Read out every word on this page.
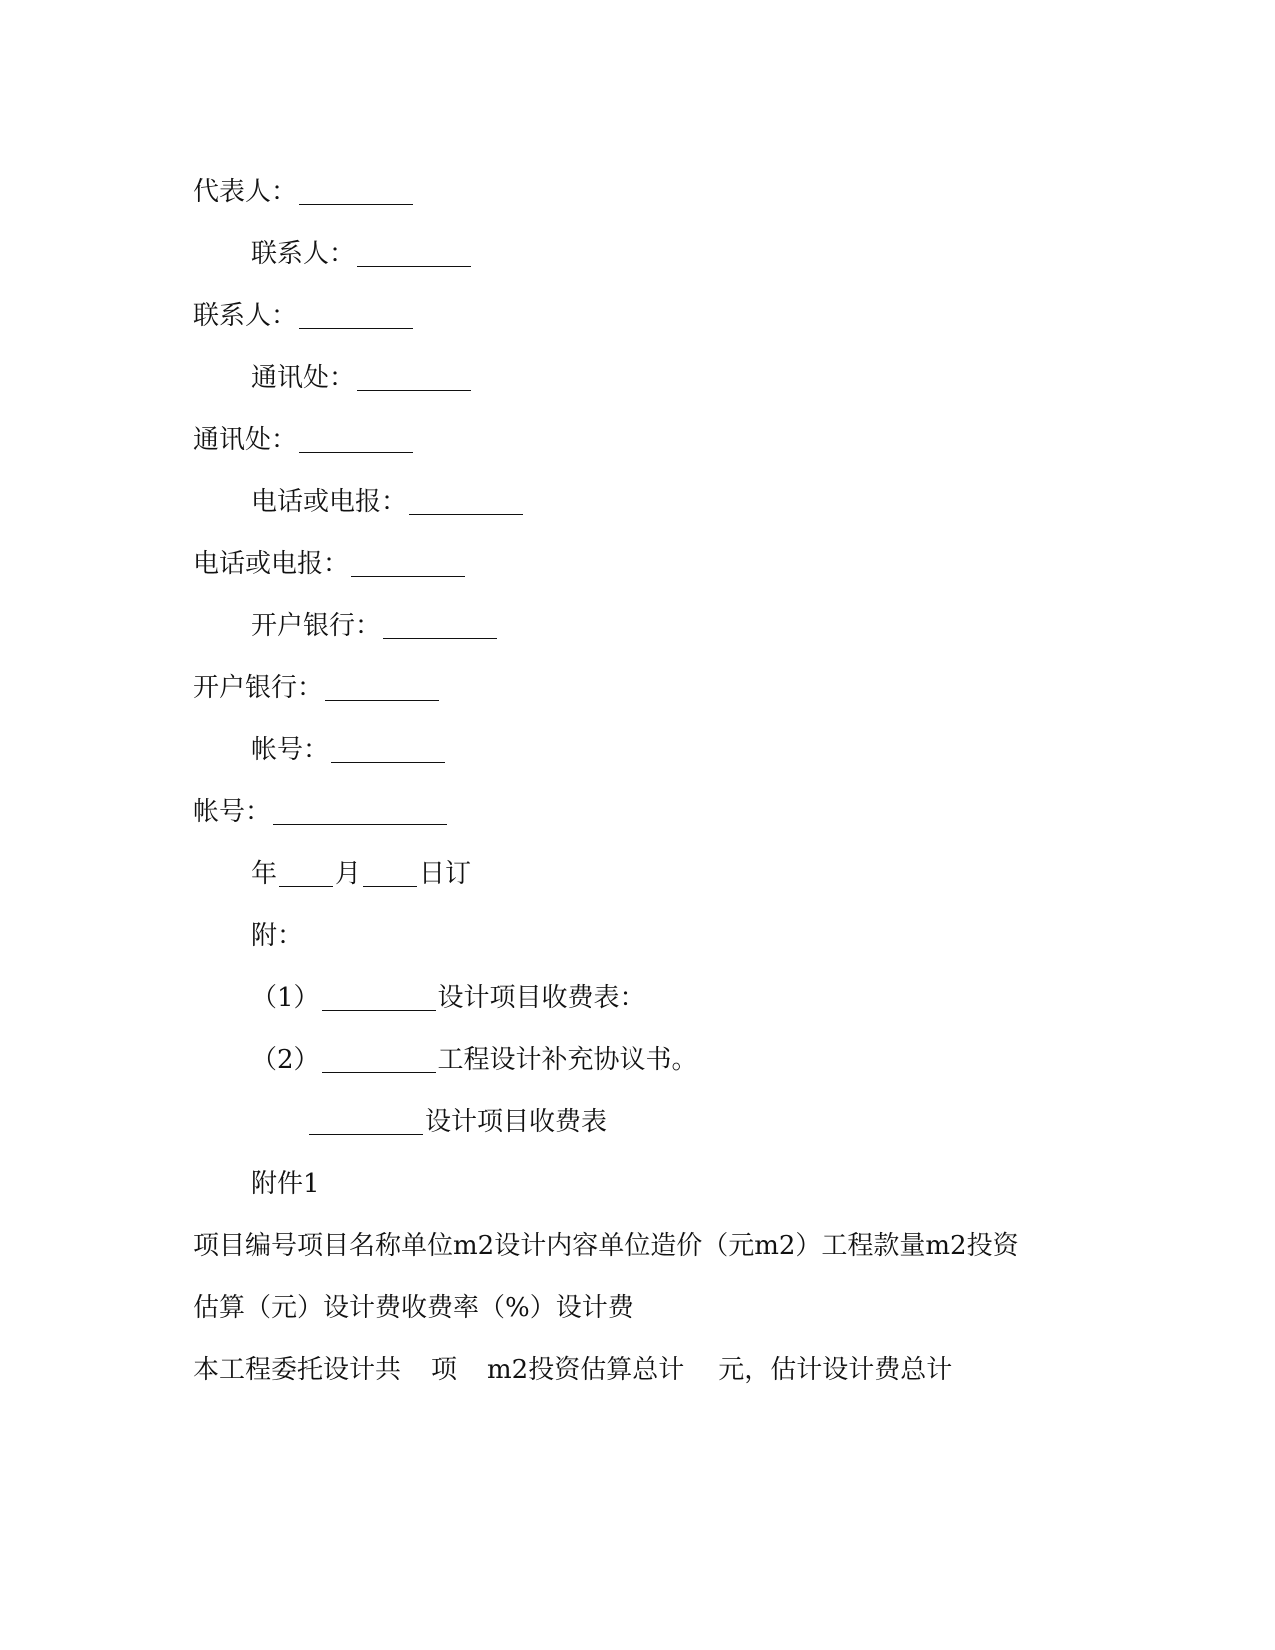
代表人：
联系人：
联系人：
通讯处：
通讯处：
电话或电报：
电话或电报：
开户银行：
开户银行：
帐号：
帐号：
年 月 日订
附：
（1）	设计项目收费表：
（2）	工程设计补充协议书。
设计项目收费表
附件1
项目编号项目名称单位m2设计内容单位造价（元m2）工程款量m2投资
估算（元）设计费收费率（%）设计费
本工程委托设计共 项 m2投资估算总计 元，估计设计费总计
